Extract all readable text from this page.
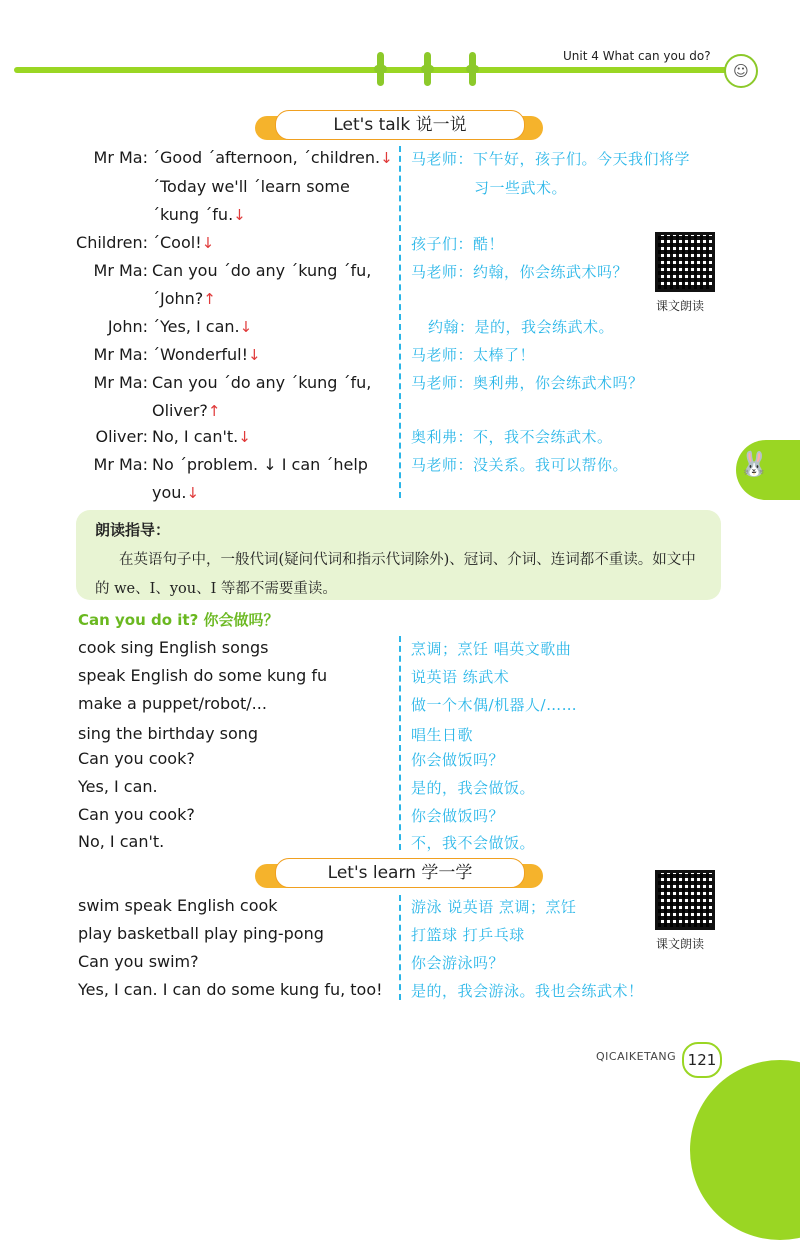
Unit 4 What can you do?
☺
Let's talk 说一说
Mr Ma: ˊGood ˊafternoon, ˊchildren.↓ 马老师：下午好，孩子们。今天我们将学
ˊToday we'll ˊlearn some	习一些武术。
ˊkung ˊfu.↓
Children: ˊCool!↓	孩子们：酷！
Mr Ma: Can you ˊdo any ˊkung ˊfu,	马老师：约翰，你会练武术吗？
ˊJohn?↑
John: ˊYes, I can.↓	约翰：是的，我会练武术。
Mr Ma: ˊWonderful!↓	马老师：太棒了！
Mr Ma: Can you ˊdo any ˊkung ˊfu,	马老师：奥利弗，你会练武术吗？
Oliver?↑
Oliver: No, I can't.↓	奥利弗：不，我不会练武术。
Mr Ma: No ˊproblem. ↓ I can ˊhelp	马老师：没关系。我可以帮你。
you.↓
课文朗读
🐰
朗读指导：
在英语句子中，一般代词(疑问代词和指示代词除外)、冠词、介词、连词都不重读。如文中的 we、I、you、I 等都不需要重读。
Can you do it? 你会做吗？
cook sing English songs	烹调；烹饪 唱英文歌曲
speak English do some kung fu	说英语 练武术
make a puppet/robot/...	做一个木偶/机器人/……
sing the birthday song	唱生日歌
Can you cook?	你会做饭吗？
Yes, I can.	是的，我会做饭。
Can you cook?	你会做饭吗？
No, I can't.	不，我不会做饭。
Let's learn 学一学
swim speak English cook	游泳 说英语 烹调；烹饪
play basketball play ping-pong	打篮球 打乒乓球
Can you swim?	你会游泳吗？
Yes, I can. I can do some kung fu, too! 是的，我会游泳。我也会练武术！
课文朗读
QICAIKETANG 121
